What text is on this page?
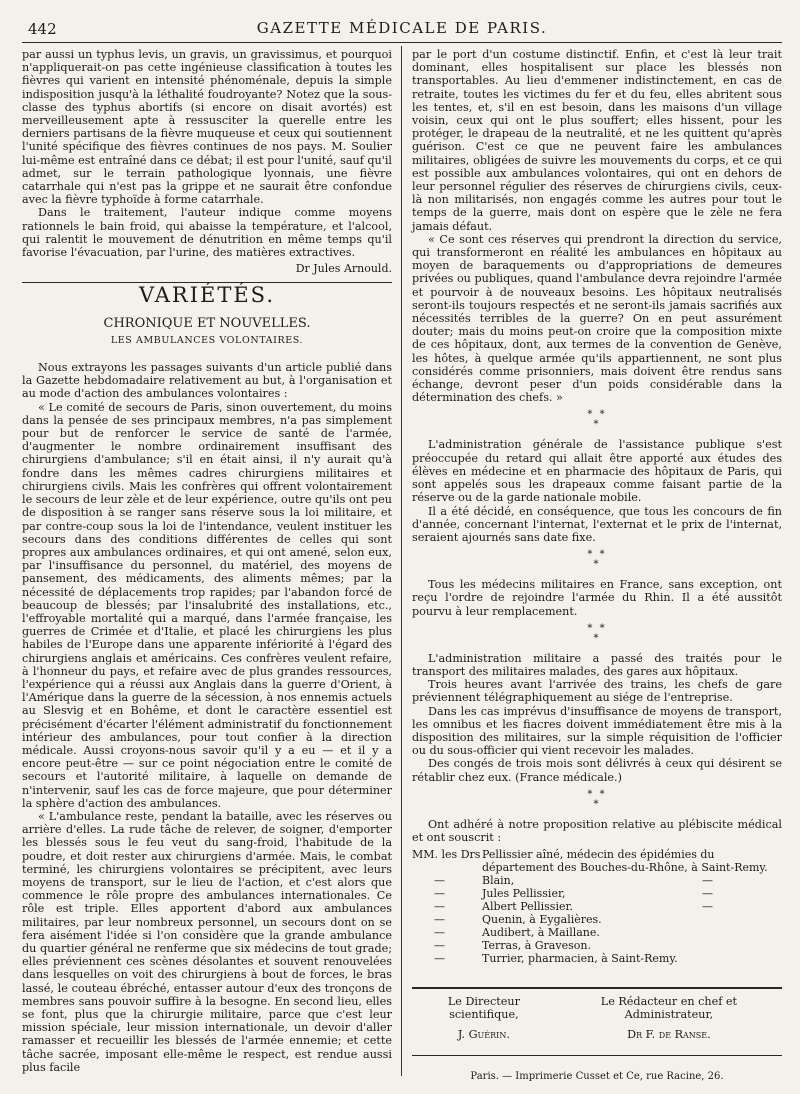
442	GAZETTE MÉDICALE DE PARIS.

par aussi un typhus levis, un gravis, un gravissimus, et pourquoi n'appliquerait-on pas cette ingénieuse classification à toutes les fièvres qui varient en intensité phénoménale, depuis la simple indisposition jusqu'à la léthalité foudroyante? Notez que la sous-classe des typhus abortifs (si encore on disait avortés) est merveilleusement apte à ressusciter la querelle entre les derniers partisans de la fièvre muqueuse et ceux qui soutiennent l'unité spécifique des fièvres continues de nos pays. M. Soulier lui-même est entraîné dans ce débat; il est pour l'unité, sauf qu'il admet, sur le terrain pathologique lyonnais, une fièvre catarrhale qui n'est pas la grippe et ne saurait être confondue avec la fièvre typhoïde à forme catarrhale.

Dans le traitement, l'auteur indique comme moyens rationnels le bain froid, qui abaisse la température, et l'alcool, qui ralentit le mouvement de dénutrition en même temps qu'il favorise l'évacuation, par l'urine, des matières extractives.

Dr Jules Arnould.

VARIÉTÉS.
CHRONIQUE ET NOUVELLES.
LES AMBULANCES VOLONTAIRES.

Nous extrayons les passages suivants d'un article publié dans la Gazette hebdomadaire relativement au but, à l'organisation et au mode d'action des ambulances volontaires :

« Le comité de secours de Paris, sinon ouvertement, du moins dans la pensée de ses principaux membres, n'a pas simplement pour but de renforcer le service de santé de l'armée, d'augmenter le nombre ordinairement insuffisant des chirurgiens d'ambulance; s'il en était ainsi, il n'y aurait qu'à fondre dans les mêmes cadres chirurgiens militaires et chirurgiens civils. Mais les confrères qui offrent volontairement le secours de leur zèle et de leur expérience, outre qu'ils ont peu de disposition à se ranger sans réserve sous la loi militaire, et par contre-coup sous la loi de l'intendance, veulent instituer les secours dans des conditions différentes de celles qui sont propres aux ambulances ordinaires, et qui ont amené, selon eux, par l'insuffisance du personnel, du matériel, des moyens de pansement, des médicaments, des aliments mêmes; par la nécessité de déplacements trop rapides; par l'abandon forcé de beaucoup de blessés; par l'insalubrité des installations, etc., l'effroyable mortalité qui a marqué, dans l'armée française, les guerres de Crimée et d'Italie, et placé les chirurgiens les plus habiles de l'Europe dans une apparente infériorité à l'égard des chirurgiens anglais et américains. Ces confrères veulent refaire, à l'honneur du pays, et refaire avec de plus grandes ressources, l'expérience qui a réussi aux Anglais dans la guerre d'Orient, à l'Amérique dans la guerre de la sécession, à nos ennemis actuels au Slesvig et en Bohême, et dont le caractère essentiel est précisément d'écarter l'élément administratif du fonctionnement intérieur des ambulances, pour tout confier à la direction médicale. Aussi croyons-nous savoir qu'il y a eu — et il y a encore peut-être — sur ce point négociation entre le comité de secours et l'autorité militaire, à laquelle on demande de n'intervenir, sauf les cas de force majeure, que pour déterminer la sphère d'action des ambulances.

« L'ambulance reste, pendant la bataille, avec les réserves ou arrière d'elles. La rude tâche de relever, de soigner, d'emporter les blessés sous le feu veut du sang-froid, l'habitude de la poudre, et doit rester aux chirurgiens d'armée. Mais, le combat terminé, les chirurgiens volontaires se précipitent, avec leurs moyens de transport, sur le lieu de l'action, et c'est alors que commence le rôle propre des ambulances internationales. Ce rôle est triple. Elles apportent d'abord aux ambulances militaires, par leur nombreux personnel, un secours dont on se fera aisément l'idée si l'on considère que la grande ambulance du quartier général ne renferme que six médecins de tout grade; elles préviennent ces scènes désolantes et souvent renouvelées dans lesquelles on voit des chirurgiens à bout de forces, le bras lassé, le couteau ébréché, entasser autour d'eux des tronçons de membres sans pouvoir suffire à la besogne. En second lieu, elles se font, plus que la chirurgie militaire, parce que c'est leur mission spéciale, leur mission internationale, un devoir d'aller ramasser et recueillir les blessés de l'armée ennemie; et cette tâche sacrée, imposant elle-même le respect, est rendue aussi plus facile

par le port d'un costume distinctif. Enfin, et c'est là leur trait dominant, elles hospitalisent sur place les blessés non transportables. Au lieu d'emmener indistinctement, en cas de retraite, toutes les victimes du fer et du feu, elles abritent sous les tentes, et, s'il en est besoin, dans les maisons d'un village voisin, ceux qui ont le plus souffert; elles hissent, pour les protéger, le drapeau de la neutralité, et ne les quittent qu'après guérison. C'est ce que ne peuvent faire les ambulances militaires, obligées de suivre les mouvements du corps, et ce qui est possible aux ambulances volontaires, qui ont en dehors de leur personnel régulier des réserves de chirurgiens civils, ceux-là non militarisés, non engagés comme les autres pour tout le temps de la guerre, mais dont on espère que le zèle ne fera jamais défaut.

« Ce sont ces réserves qui prendront la direction du service, qui transformeront en réalité les ambulances en hôpitaux au moyen de baraquements ou d'appropriations de demeures privées ou publiques, quand l'ambulance devra rejoindre l'armée et pourvoir à de nouveaux besoins. Les hôpitaux neutralisés seront-ils toujours respectés et ne seront-ils jamais sacrifiés aux nécessités terribles de la guerre? On en peut assurément douter; mais du moins peut-on croire que la composition mixte de ces hôpitaux, dont, aux termes de la convention de Genève, les hôtes, à quelque armée qu'ils appartiennent, ne sont plus considérés comme prisonniers, mais doivent être rendus sans échange, devront peser d'un poids considérable dans la détermination des chefs. »

* *
*

L'administration générale de l'assistance publique s'est préoccupée du retard qui allait être apporté aux études des élèves en médecine et en pharmacie des hôpitaux de Paris, qui sont appelés sous les drapeaux comme faisant partie de la réserve ou de la garde nationale mobile.

Il a été décidé, en conséquence, que tous les concours de fin d'année, concernant l'internat, l'externat et le prix de l'internat, seraient ajournés sans date fixe.

* *
*

Tous les médecins militaires en France, sans exception, ont reçu l'ordre de rejoindre l'armée du Rhin. Il a été aussitôt pourvu à leur remplacement.

* *
*

L'administration militaire a passé des traités pour le transport des militaires malades, des gares aux hôpitaux.

Trois heures avant l'arrivée des trains, les chefs de gare préviennent télégraphiquement au siége de l'entreprise.

Dans les cas imprévus d'insuffisance de moyens de transport, les omnibus et les fiacres doivent immédiatement être mis à la disposition des militaires, sur la simple réquisition de l'officier ou du sous-officier qui vient recevoir les malades.

Des congés de trois mois sont délivrés à ceux qui désirent se rétablir chez eux. (France médicale.)

* *
*

Ont adhéré à notre proposition relative au plébiscite médical et ont souscrit :

MM. les Drs Pellissier aîné, médecin des épidémies du département des Bouches-du-Rhône, à Saint-Remy.
—	Blain,	—
—	Jules Pellissier,	—
—	Albert Pellissier.	—
—	Quenin, à Eygalières.
—	Audibert, à Maillane.
—	Terras, à Graveson.
—	Turrier, pharmacien, à Saint-Remy.
Le Directeur scientifique,
J. Guérin.
Le Rédacteur en chef et Administrateur,
Dr F. de Ranse.
Paris. — Imprimerie Cusset et Ce, rue Racine, 26.
